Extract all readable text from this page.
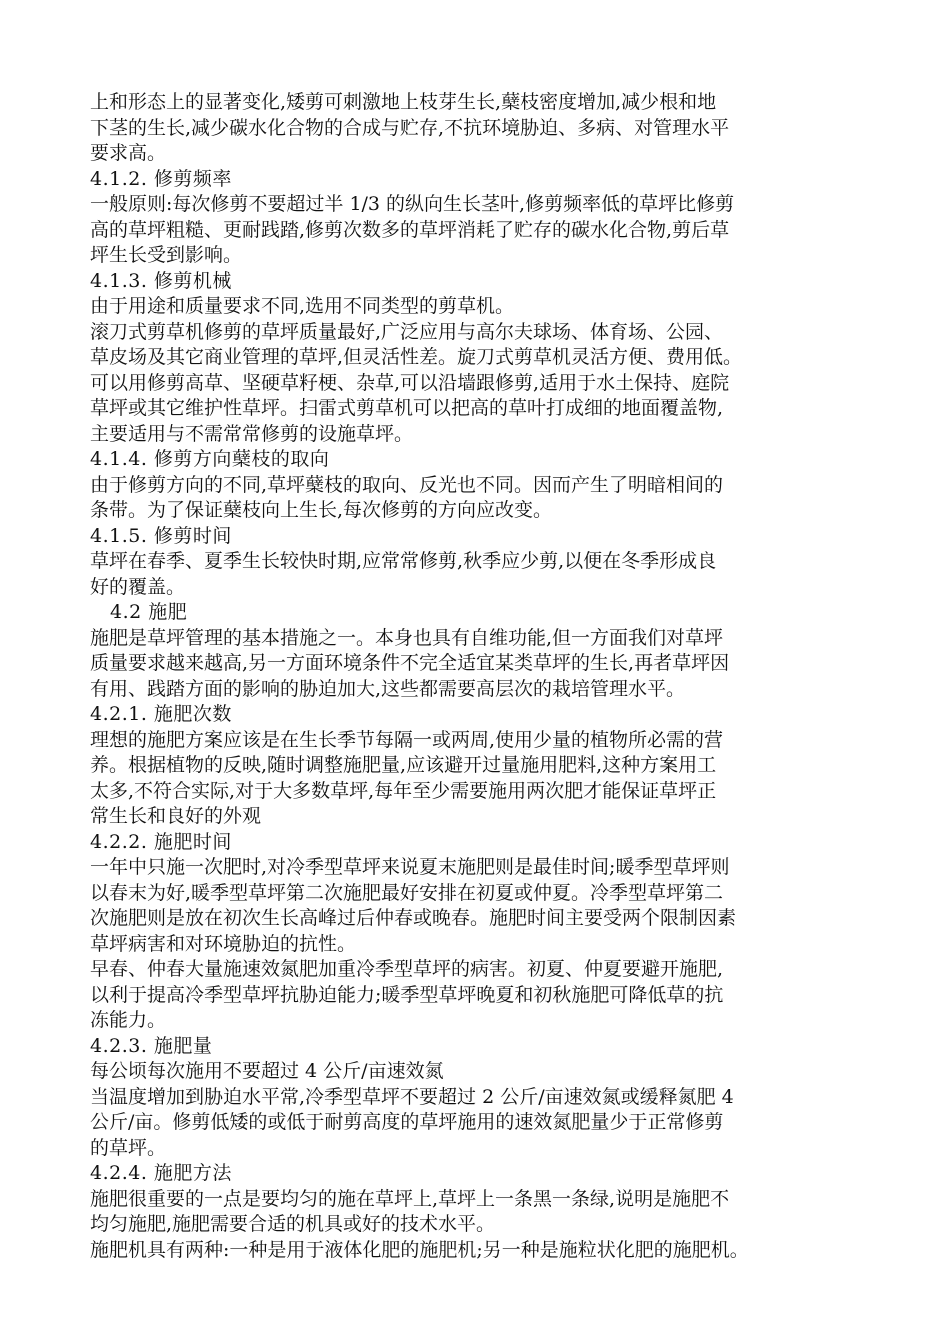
上和形态上的显著变化,矮剪可刺激地上枝芽生长,蘖枝密度增加,减少根和地
下茎的生长,减少碳水化合物的合成与贮存,不抗环境胁迫、多病、对管理水平
要求高。
4.1.2. 修剪频率
一般原则:每次修剪不要超过半 1/3 的纵向生长茎叶,修剪频率低的草坪比修剪
高的草坪粗糙、更耐践踏,修剪次数多的草坪消耗了贮存的碳水化合物,剪后草
坪生长受到影响。
4.1.3. 修剪机械
由于用途和质量要求不同,选用不同类型的剪草机。
滚刀式剪草机修剪的草坪质量最好,广泛应用与高尔夫球场、体育场、公园、
草皮场及其它商业管理的草坪,但灵活性差。旋刀式剪草机灵活方便、费用低。
可以用修剪高草、坚硬草籽梗、杂草,可以沿墙跟修剪,适用于水土保持、庭院
草坪或其它维护性草坪。扫雷式剪草机可以把高的草叶打成细的地面覆盖物,
主要适用与不需常常修剪的设施草坪。
4.1.4. 修剪方向蘖枝的取向
由于修剪方向的不同,草坪蘖枝的取向、反光也不同。因而产生了明暗相间的
条带。为了保证蘖枝向上生长,每次修剪的方向应改变。
4.1.5. 修剪时间
草坪在春季、夏季生长较快时期,应常常修剪,秋季应少剪,以便在冬季形成良
好的覆盖。
4.2 施肥
施肥是草坪管理的基本措施之一。本身也具有自维功能,但一方面我们对草坪
质量要求越来越高,另一方面环境条件不完全适宜某类草坪的生长,再者草坪因
有用、践踏方面的影响的胁迫加大,这些都需要高层次的栽培管理水平。
4.2.1. 施肥次数
理想的施肥方案应该是在生长季节每隔一或两周,使用少量的植物所必需的营
养。根据植物的反映,随时调整施肥量,应该避开过量施用肥料,这种方案用工
太多,不符合实际,对于大多数草坪,每年至少需要施用两次肥才能保证草坪正
常生长和良好的外观
4.2.2. 施肥时间
一年中只施一次肥时,对冷季型草坪来说夏末施肥则是最佳时间;暖季型草坪则
以春末为好,暖季型草坪第二次施肥最好安排在初夏或仲夏。冷季型草坪第二
次施肥则是放在初次生长高峰过后仲春或晚春。施肥时间主要受两个限制因素
草坪病害和对环境胁迫的抗性。
早春、仲春大量施速效氮肥加重冷季型草坪的病害。初夏、仲夏要避开施肥,
以利于提高冷季型草坪抗胁迫能力;暖季型草坪晚夏和初秋施肥可降低草的抗
冻能力。
4.2.3. 施肥量
每公顷每次施用不要超过 4 公斤/亩速效氮
当温度增加到胁迫水平常,冷季型草坪不要超过 2 公斤/亩速效氮或缓释氮肥 4
公斤/亩。修剪低矮的或低于耐剪高度的草坪施用的速效氮肥量少于正常修剪
的草坪。
4.2.4. 施肥方法
施肥很重要的一点是要均匀的施在草坪上,草坪上一条黑一条绿,说明是施肥不
均匀施肥,施肥需要合适的机具或好的技术水平。
施肥机具有两种:一种是用于液体化肥的施肥机;另一种是施粒状化肥的施肥机。
